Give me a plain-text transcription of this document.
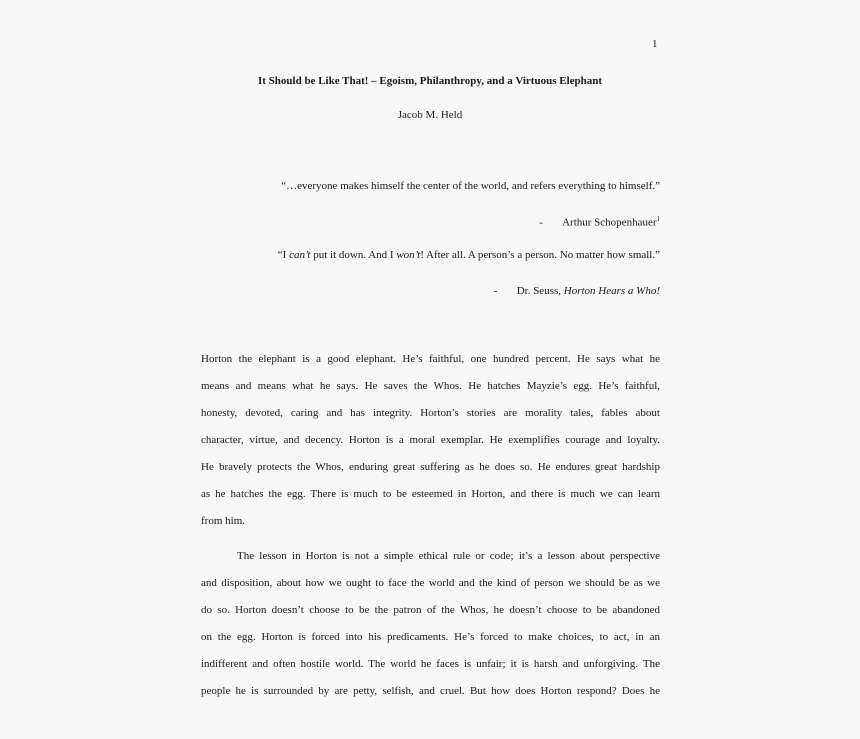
1
It Should be Like That! – Egoism, Philanthropy, and a Virtuous Elephant
Jacob M. Held
“…everyone makes himself the center of the world, and refers everything to himself.”
- Arthur Schopenhauer$^1$
“I can’t put it down. And I won’t! After all. A person’s a person. No matter how small.”
- Dr. Seuss, Horton Hears a Who!
Horton the elephant is a good elephant. He’s faithful, one hundred percent. He says what he
means and means what he says. He saves the Whos. He hatches Mayzie’s egg. He’s faithful,
honesty, devoted, caring and has integrity. Horton’s stories are morality tales, fables about
character, virtue, and decency. Horton is a moral exemplar. He exemplifies courage and loyalty.
He bravely protects the Whos, enduring great suffering as he does so. He endures great hardship
as he hatches the egg. There is much to be esteemed in Horton, and there is much we can learn
from him.
The lesson in Horton is not a simple ethical rule or code; it’s a lesson about perspective
and disposition, about how we ought to face the world and the kind of person we should be as we
do so. Horton doesn’t choose to be the patron of the Whos, he doesn’t choose to be abandoned
on the egg. Horton is forced into his predicaments. He’s forced to make choices, to act, in an
indifferent and often hostile world. The world he faces is unfair; it is harsh and unforgiving. The
people he is surrounded by are petty, selfish, and cruel. But how does Horton respond? Does he
